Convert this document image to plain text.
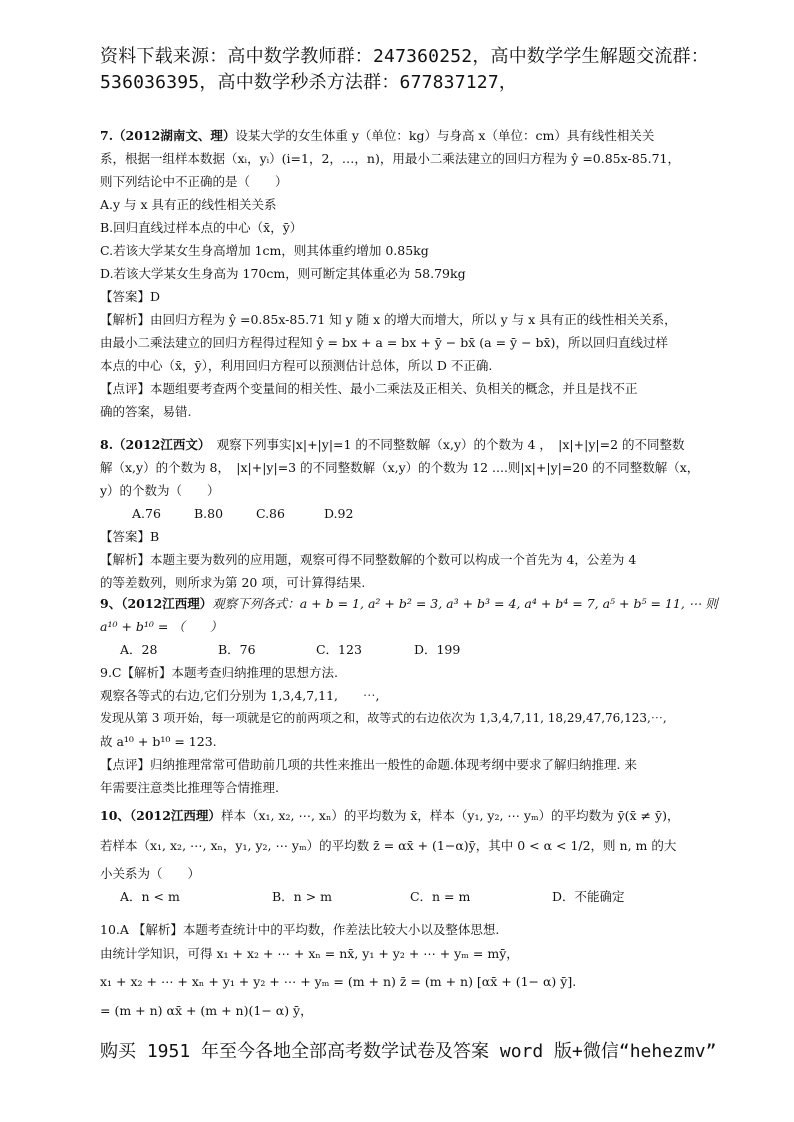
资料下载来源：高中数学教师群：247360252，高中数学学生解题交流群：
536036395，高中数学秒杀方法群：677837127，
7.（2012湖南文、理）设某大学的女生体重 y（单位：kg）与身高 x（单位：cm）具有线性相关关
系，根据一组样本数据（xᵢ，yᵢ）(i=1，2，…，n)，用最小二乘法建立的回归方程为 ŷ =0.85x-85.71，
则下列结论中不正确的是（　　）
A.y 与 x 具有正的线性相关关系
B.回归直线过样本点的中心（x̄，ȳ）
C.若该大学某女生身高增加 1cm，则其体重约增加 0.85kg
D.若该大学某女生身高为 170cm，则可断定其体重必为 58.79kg
【答案】D
【解析】由回归方程为 ŷ =0.85x-85.71 知 y 随 x 的增大而增大，所以 y 与 x 具有正的线性相关关系，
由最小二乘法建立的回归方程得过程知 ŷ = bx + a = bx + ȳ − bx̄ (a = ȳ − bx̄)，所以回归直线过样
本点的中心（x̄，ȳ），利用回归方程可以预测估计总体，所以 D 不正确.
【点评】本题组要考查两个变量间的相关性、最小二乘法及正相关、负相关的概念，并且是找不正
确的答案，易错.
8.（2012江西文）　观察下列事实|x|+|y|=1 的不同整数解（x,y）的个数为 4 ，　|x|+|y|=2 的不同整数
解（x,y）的个数为 8，　|x|+|y|=3 的不同整数解（x,y）的个数为 12 ....则|x|+|y|=20 的不同整数解（x，
y）的个数为（　　）
A.76	B.80	C.86	D.92
【答案】B
【解析】本题主要为数列的应用题，观察可得不同整数解的个数可以构成一个首先为 4，公差为 4
的等差数列，则所求为第 20 项，可计算得结果.
9、（2012江西理）观察下列各式：a + b = 1, a² + b² = 3, a³ + b³ = 4, a⁴ + b⁴ = 7, a⁵ + b⁵ = 11, ⋯ 则
a¹⁰ + b¹⁰ = （　　）
A．28	B．76	C．123	D．199
9.C【解析】本题考查归纳推理的思想方法.
观察各等式的右边,它们分别为 1,3,4,7,11,　　⋯,
发现从第 3 项开始，每一项就是它的前两项之和，故等式的右边依次为 1,3,4,7,11, 18,29,47,76,123,⋯,
故 a¹⁰ + b¹⁰ = 123.
【点评】归纳推理常常可借助前几项的共性来推出一般性的命题.体现考纲中要求了解归纳推理. 来
年需要注意类比推理等合情推理.
10、（2012江西理）样本（x₁, x₂, ⋯, xₙ）的平均数为 x̄，样本（y₁, y₂, ⋯ yₘ）的平均数为 ȳ(x̄ ≠ ȳ)，
若样本（x₁, x₂, ⋯, xₙ，y₁, y₂, ⋯ yₘ）的平均数 z̄ = αx̄ + (1−α)ȳ，其中 0 < α < 1/2，则 n, m 的大
小关系为（　　）
A．n < m	B．n > m	C．n = m	D．不能确定
10.A 【解析】本题考查统计中的平均数，作差法比较大小以及整体思想.
由统计学知识，可得 x₁ + x₂ + ⋯ + xₙ = nx̄, y₁ + y₂ + ⋯ + yₘ = mȳ，
x₁ + x₂ + ⋯ + xₙ + y₁ + y₂ + ⋯ + yₘ = (m + n) z̄ = (m + n) [αx̄ + (1− α) ȳ].
= (m + n) αx̄ + (m + n)(1− α) ȳ，
购买 1951 年至今各地全部高考数学试卷及答案 word 版+微信“hehezmv”
